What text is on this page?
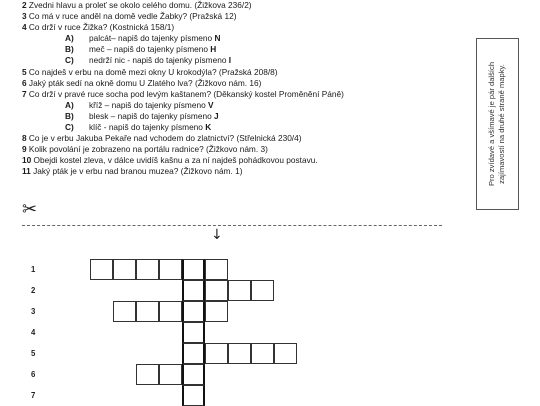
2 Zvedni hlavu a proleť se okolo celého domu. (Žižkova 236/2)
3 Co má v ruce anděl na domě vedle Žabky? (Pražská 12)
4 Co drží v ruce Žižka? (Kostnická 158/1)
A) palcát– napiš do tajenky písmeno N
B) meč – napiš do tajenky písmeno H
C) nedrží nic - napiš do tajenky písmeno I
5 Co najdeš v erbu na domě mezi okny U krokodýla? (Pražská 208/8)
6 Jaký pták sedí na okně domu U Zlatého lva? (Žižkovo nám. 16)
7 Co drží v pravé ruce socha pod levým kaštanem? (Děkanský kostel Proměnění Páně)
A) kříž – napiš do tajenky písmeno V
B) blesk – napiš do tajenky písmeno J
C) klíč - napiš do tajenky písmeno K
8 Co je v erbu Jakuba Pekaře nad vchodem do zlatnictví? (Střelnická 230/4)
9 Kolik povolání je zobrazeno na portálu radnice? (Žižkovo nám. 3)
10 Obejdi kostel zleva, v dálce uvidíš kašnu a za ní najdeš pohádkovou postavu.
11 Jaký pták je v erbu nad branou muzea? (Žižkovo nám. 1)	Pro zvídavé a všímavé je pár dalších zajímavostí na druhé straně mapky.
✂
↓
1
2
3
4
5
6
7
